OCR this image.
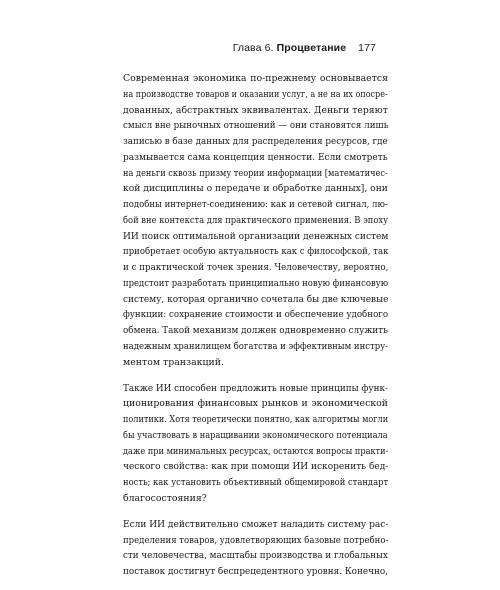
Глава 6. Процветание 177
Современная экономика по-прежнему основывается
на производстве товаров и оказании услуг, а не на их опосре-
дованных, абстрактных эквивалентах. Деньги теряют
смысл вне рыночных отношений — они становятся лишь
записью в базе данных для распределения ресурсов, где
размывается сама концепция ценности. Если смотреть
на деньги сквозь призму теории информации [математичес-
кой дисциплины о передаче и обработке данных], они
подобны интернет-соединению: как и сетевой сигнал, лю-
бой вне контекста для практического применения. В эпоху
ИИ поиск оптимальной организации денежных систем
приобретает особую актуальность как с философской, так
и с практической точек зрения. Человечеству, вероятно,
предстоит разработать принципиально новую финансовую
систему, которая органично сочетала бы две ключевые
функции: сохранение стоимости и обеспечение удобного
обмена. Такой механизм должен одновременно служить
надежным хранилищем богатства и эффективным инстру-
ментом транзакций.
Также ИИ способен предложить новые принципы функ-
ционирования финансовых рынков и экономической
политики. Хотя теоретически понятно, как алгоритмы могли
бы участвовать в наращивании экономического потенциала
даже при минимальных ресурсах, остаются вопросы практи-
ческого свойства: как при помощи ИИ искоренить бед-
ность; как установить объективный общемировой стандарт
благосостояния?
Если ИИ действительно сможет наладить систему рас-
пределения товаров, удовлетворяющих базовые потребно-
сти человечества, масштабы производства и глобальных
поставок достигнут беспрецедентного уровня. Конечно,
